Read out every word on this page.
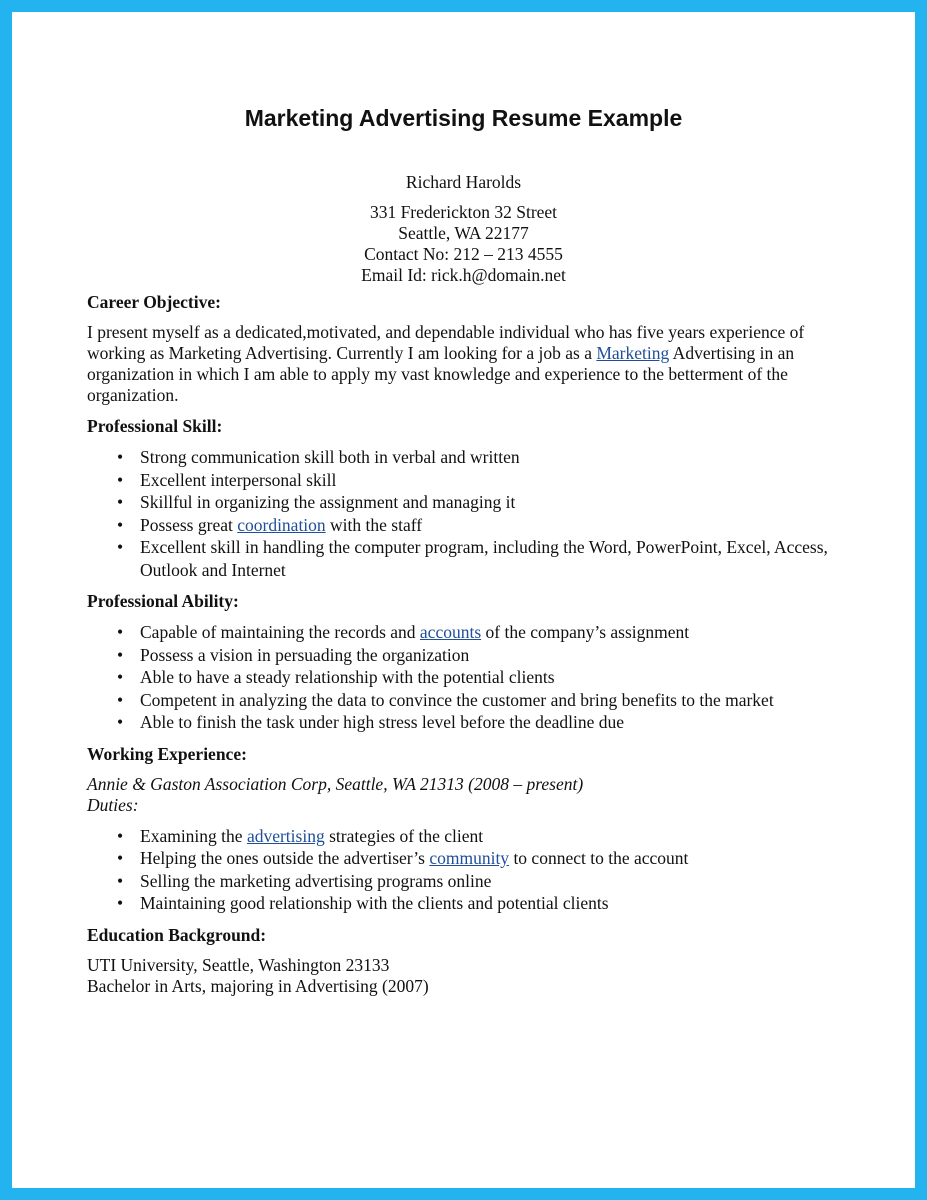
Marketing Advertising Resume Example
Richard Harolds
331 Frederickton 32 Street
Seattle, WA 22177
Contact No: 212 – 213 4555
Email Id: rick.h@domain.net
Career Objective:

I present myself as a dedicated,motivated, and dependable individual who has five years experience of working as Marketing Advertising. Currently I am looking for a job as a Marketing Advertising in an organization in which I am able to apply my vast knowledge and experience to the betterment of the organization.

Professional Skill:
• Strong communication skill both in verbal and written
• Excellent interpersonal skill
• Skillful in organizing the assignment and managing it
• Possess great coordination with the staff
• Excellent skill in handling the computer program, including the Word, PowerPoint, Excel, Access, Outlook and Internet
Professional Ability:
• Capable of maintaining the records and accounts of the company’s assignment
• Possess a vision in persuading the organization
• Able to have a steady relationship with the potential clients
• Competent in analyzing the data to convince the customer and bring benefits to the market
• Able to finish the task under high stress level before the deadline due
Working Experience:

Annie & Gaston Association Corp, Seattle, WA 21313 (2008 – present)

Duties:

• Examining the advertising strategies of the client
• Helping the ones outside the advertiser’s community to connect to the account
• Selling the marketing advertising programs online
• Maintaining good relationship with the clients and potential clients
Education Background:

UTI University, Seattle, Washington 23133

Bachelor in Arts, majoring in Advertising (2007)
